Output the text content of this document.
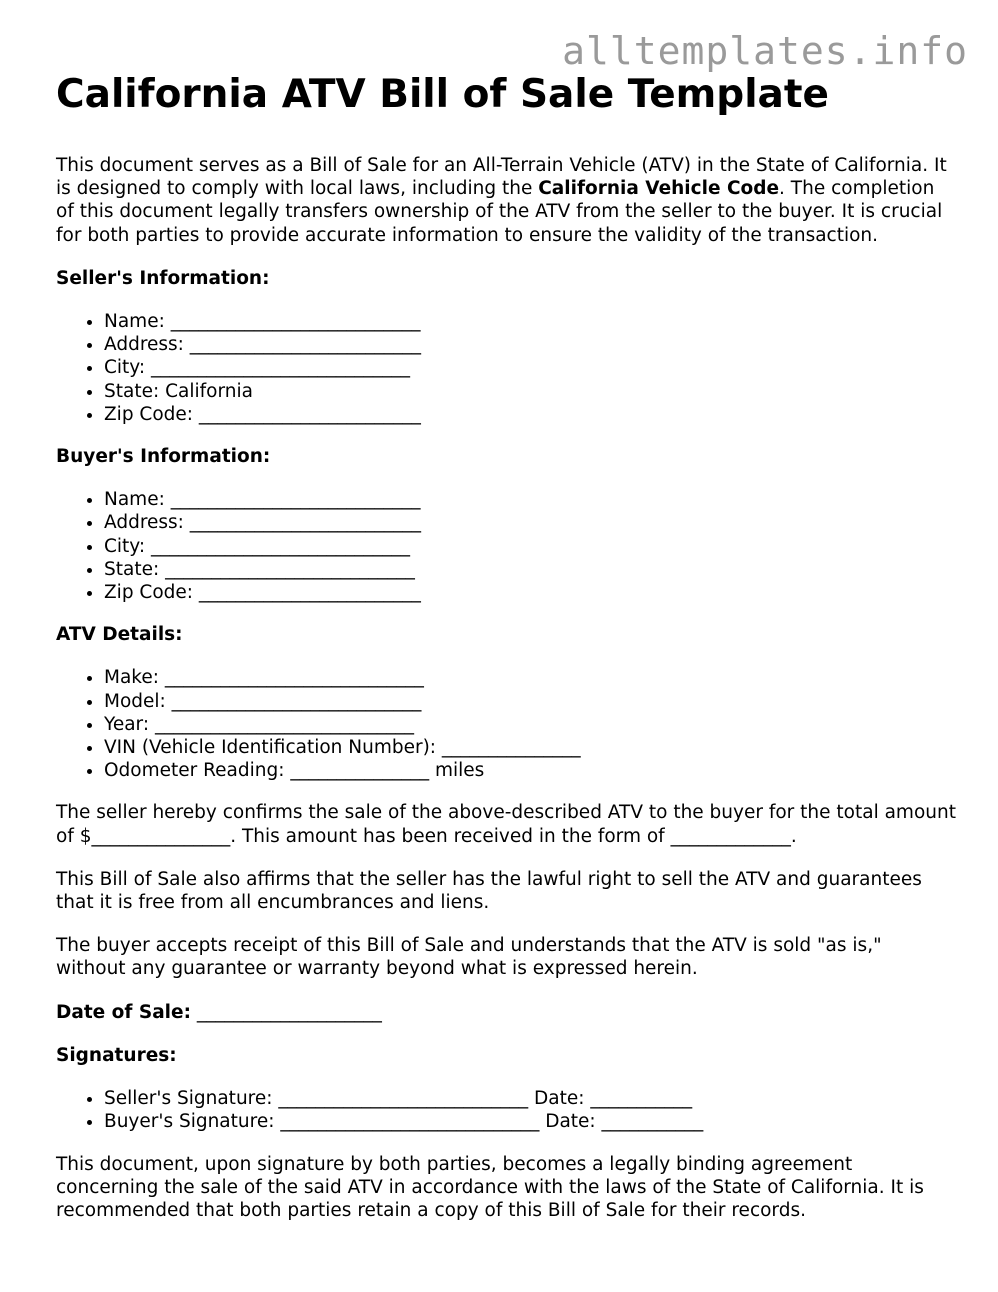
alltemplates.info
California ATV Bill of Sale Template

This document serves as a Bill of Sale for an All-Terrain Vehicle (ATV) in the State of California. It is designed to comply with local laws, including the California Vehicle Code. The completion of this document legally transfers ownership of the ATV from the seller to the buyer. It is crucial for both parties to provide accurate information to ensure the validity of the transaction.

Seller's Information:
• Name: ___________________________
• Address: _________________________
• City: ____________________________
• State: California
• Zip Code: ________________________
Buyer's Information:
• Name: ___________________________
• Address: _________________________
• City: ____________________________
• State: ___________________________
• Zip Code: ________________________
ATV Details:
• Make: ____________________________
• Model: ___________________________
• Year: ____________________________
• VIN (Vehicle Identification Number): _______________
• Odometer Reading: _______________ miles

The seller hereby confirms the sale of the above-described ATV to the buyer for the total amount of $_______________. This amount has been received in the form of _____________.

This Bill of Sale also affirms that the seller has the lawful right to sell the ATV and guarantees that it is free from all encumbrances and liens.

The buyer accepts receipt of this Bill of Sale and understands that the ATV is sold "as is," without any guarantee or warranty beyond what is expressed herein.

Date of Sale: ____________________

Signatures:
• Seller's Signature: ___________________________ Date: ___________
• Buyer's Signature: ____________________________ Date: ___________

This document, upon signature by both parties, becomes a legally binding agreement concerning the sale of the said ATV in accordance with the laws of the State of California. It is recommended that both parties retain a copy of this Bill of Sale for their records.
